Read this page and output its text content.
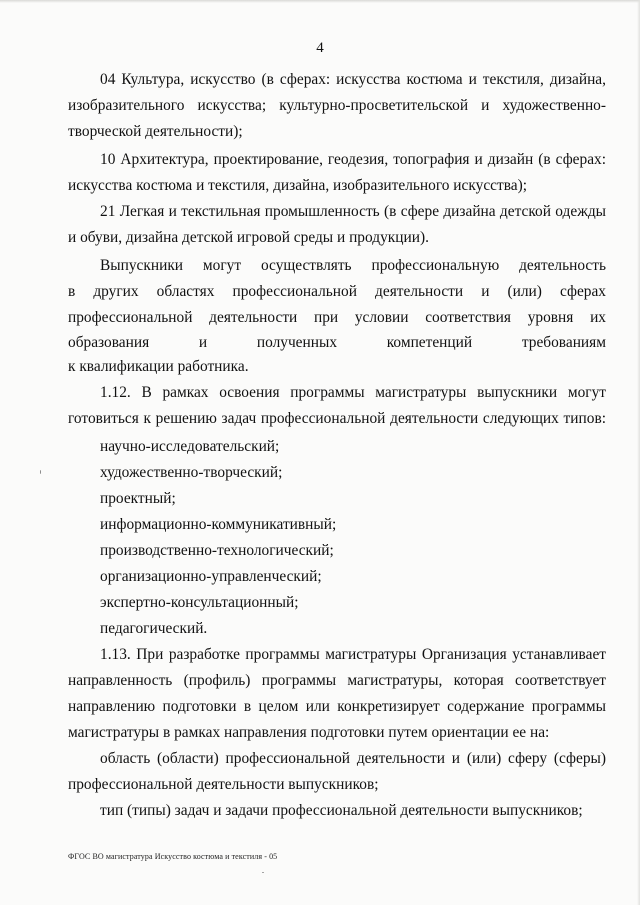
4
04 Культура, искусство (в сферах: искусства костюма и текстиля, дизайна,
изобразительного искусства; культурно-просветительской и художественно-
творческой деятельности);
10 Архитектура, проектирование, геодезия, топография и дизайн (в сферах:
искусства костюма и текстиля, дизайна, изобразительного искусства);
21 Легкая и текстильная промышленность (в сфере дизайна детской одежды
и обуви, дизайна детской игровой среды и продукции).
Выпускники могут осуществлять профессиональную деятельность
в других областях профессиональной деятельности и (или) сферах
профессиональной деятельности при условии соответствия уровня их
образования и полученных компетенций требованиям
к квалификации работника.
1.12. В рамках освоения программы магистратуры выпускники могут
готовиться к решению задач профессиональной деятельности следующих типов:
научно-исследовательский;
художественно-творческий;
проектный;
информационно-коммуникативный;
производственно-технологический;
организационно-управленческий;
экспертно-консультационный;
педагогический.
1.13. При разработке программы магистратуры Организация устанавливает
направленность (профиль) программы магистратуры, которая соответствует
направлению подготовки в целом или конкретизирует содержание программы
магистратуры в рамках направления подготовки путем ориентации ее на:
область (области) профессиональной деятельности и (или) сферу (сферы)
профессиональной деятельности выпускников;
тип (типы) задач и задачи профессиональной деятельности выпускников;
ФГОС ВО магистратура Искусство костюма и текстиля - 05
